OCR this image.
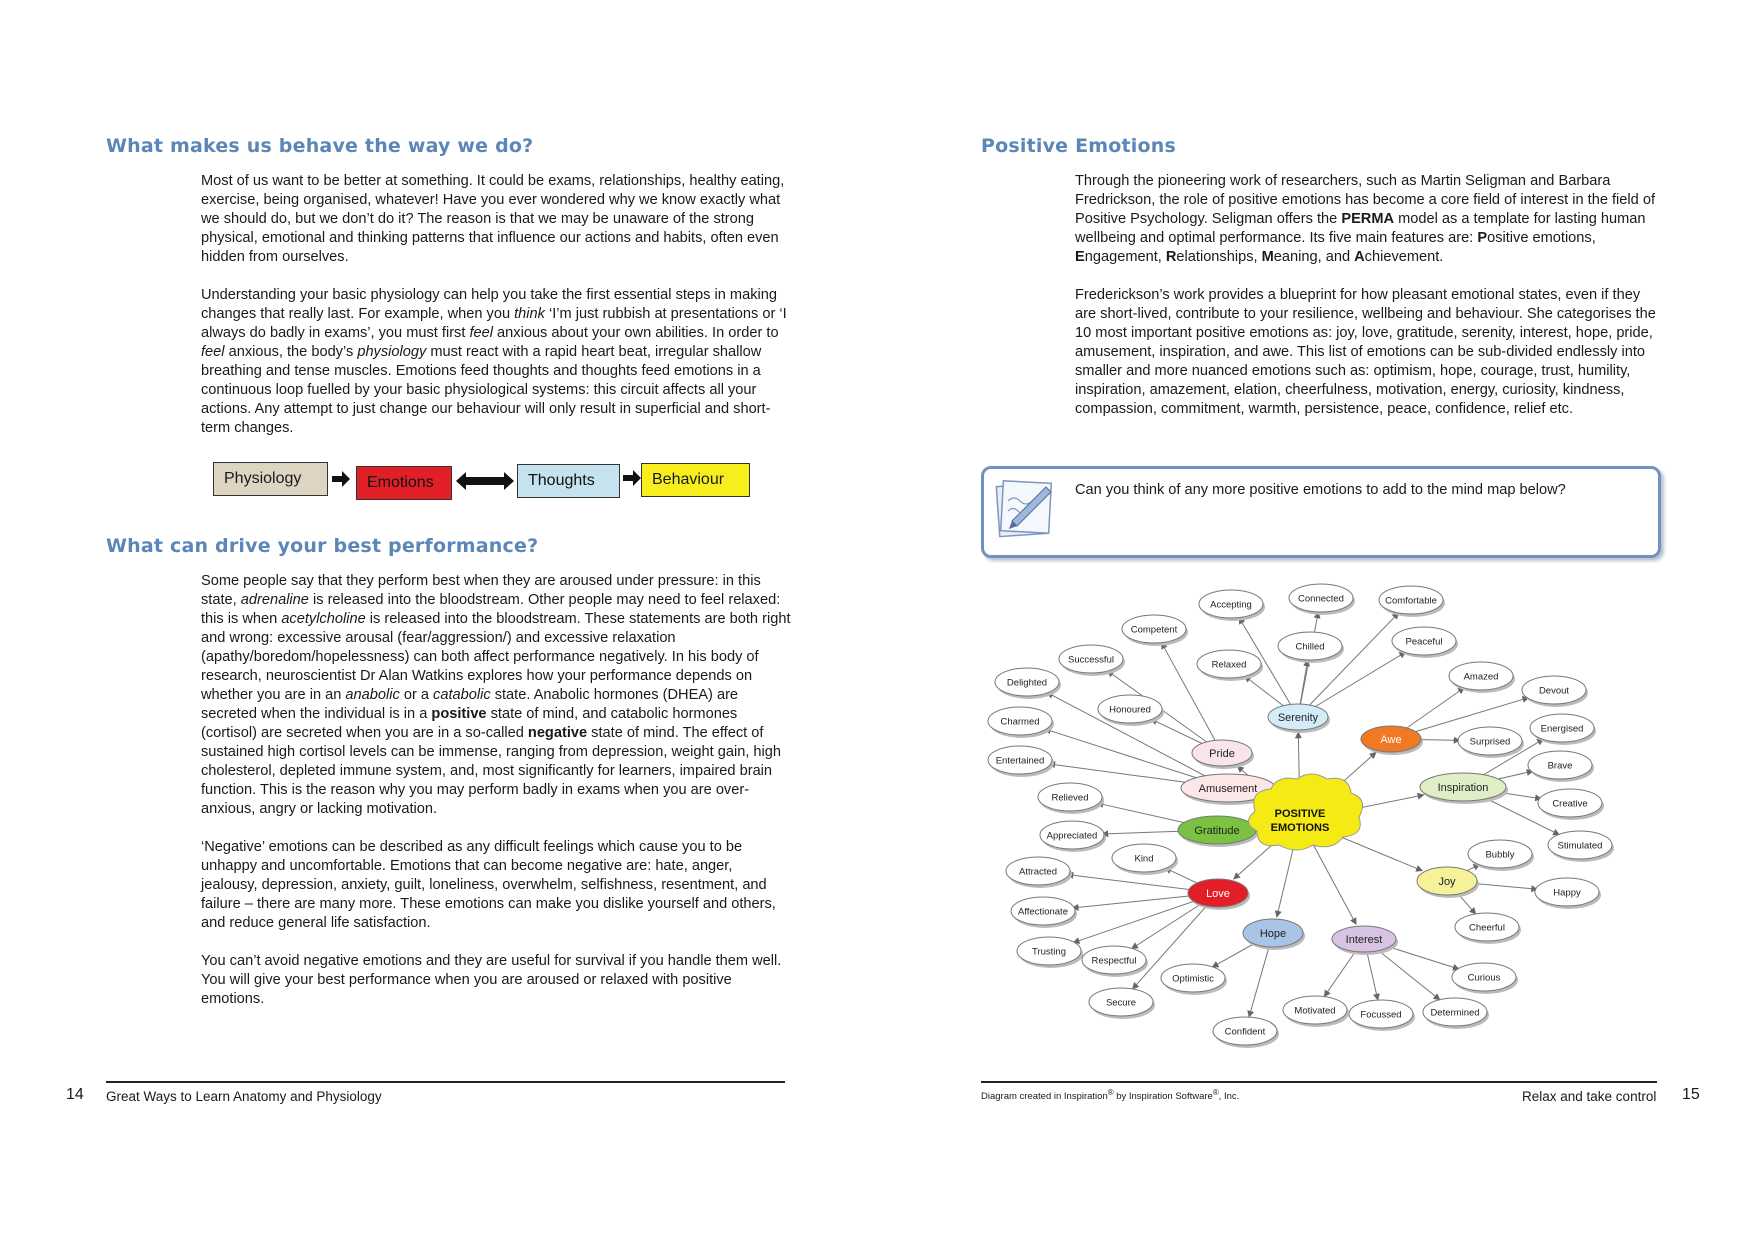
What makes us behave the way we do?

Most of us want to be better at something. It could be exams, relationships, healthy eating, exercise, being organised, whatever! Have you ever wondered why we know exactly what we should do, but we don’t do it? The reason is that we may be unaware of the strong physical, emotional and thinking patterns that influence our actions and habits, often even hidden from ourselves.

Understanding your basic physiology can help you take the first essential steps in making changes that really last. For example, when you think ‘I’m just rubbish at presentations or ‘I always do badly in exams’, you must first feel anxious about your own abilities. In order to feel anxious, the body’s physiology must react with a rapid heart beat, irregular shallow breathing and tense muscles. Emotions feed thoughts and thoughts feed emotions in a continuous loop fuelled by your basic physiological systems: this circuit affects all your actions. Any attempt to just change our behaviour will only result in superficial and short-term changes.

Physiology	Emotions	Thoughts	Behaviour
What can drive your best performance?

Some people say that they perform best when they are aroused under pressure: in this state, adrenaline is released into the bloodstream. Other people may need to feel relaxed: this is when acetylcholine is released into the bloodstream. These statements are both right and wrong: excessive arousal (fear/aggression/) and excessive relaxation (apathy/boredom/hopelessness) can both affect performance negatively. In his body of research, neuroscientist Dr Alan Watkins explores how your performance depends on whether you are in an anabolic or a catabolic state. Anabolic hormones (DHEA) are secreted when the individual is in a positive state of mind, and catabolic hormones (cortisol) are secreted when you are in a so-called negative state of mind. The effect of sustained high cortisol levels can be immense, ranging from depression, weight gain, high cholesterol, depleted immune system, and, most significantly for learners, impaired brain function. This is the reason why you may perform badly in exams when you are over-anxious, angry or lacking motivation.

‘Negative’ emotions can be described as any difficult feelings which cause you to be unhappy and uncomfortable. Emotions that can become negative are: hate, anger, jealousy, depression, anxiety, guilt, loneliness, overwhelm, selfishness, resentment, and failure – there are many more. These emotions can make you dislike yourself and others, and reduce general life satisfaction.

You can’t avoid negative emotions and they are useful for survival if you handle them well. You will give your best performance when you are aroused or relaxed with positive emotions.

14 Great Ways to Learn Anatomy and Physiology
Positive Emotions

Through the pioneering work of researchers, such as Martin Seligman and Barbara Fredrickson, the role of positive emotions has become a core field of interest in the field of Positive Psychology. Seligman offers the PERMA model as a template for lasting human wellbeing and optimal performance. Its five main features are: Positive emotions, Engagement, Relationships, Meaning, and Achievement.

Frederickson’s work provides a blueprint for how pleasant emotional states, even if they are short-lived, contribute to your resilience, wellbeing and behaviour. She categorises the 10 most important positive emotions as: joy, love, gratitude, serenity, interest, hope, pride, amusement, inspiration, and awe. This list of emotions can be sub-divided endlessly into smaller and more nuanced emotions such as: optimism, hope, courage, trust, humility, inspiration, amazement, elation, cheerfulness, motivation, energy, curiosity, kindness, compassion, commitment, warmth, persistence, peace, confidence, relief etc.

Can you think of any more positive emotions to add to the mind map below?
Accepting
Connected	Comfortable
Chilled
Relaxed
Peaceful
Amazed
Devout
Surprised
Energised
Brave
Creative
Stimulated
Bubbly
Happy
Cheerful
Curious
Determined
Focussed
Motivated
Optimistic
Confident
Kind
Attracted
Affectionate
Trusting
Respectful
Secure
Relieved
Appreciated
Delighted
Charmed
Entertained
Competent
Successful
Honoured
Serenity
Awe
Inspiration
Joy
Interest
Hope
Love
Gratitude
Amusement
Pride
POSITIVE
EMOTIONS
Diagram created in Inspiration® by Inspiration Software®, Inc.	Relax and take control 15
